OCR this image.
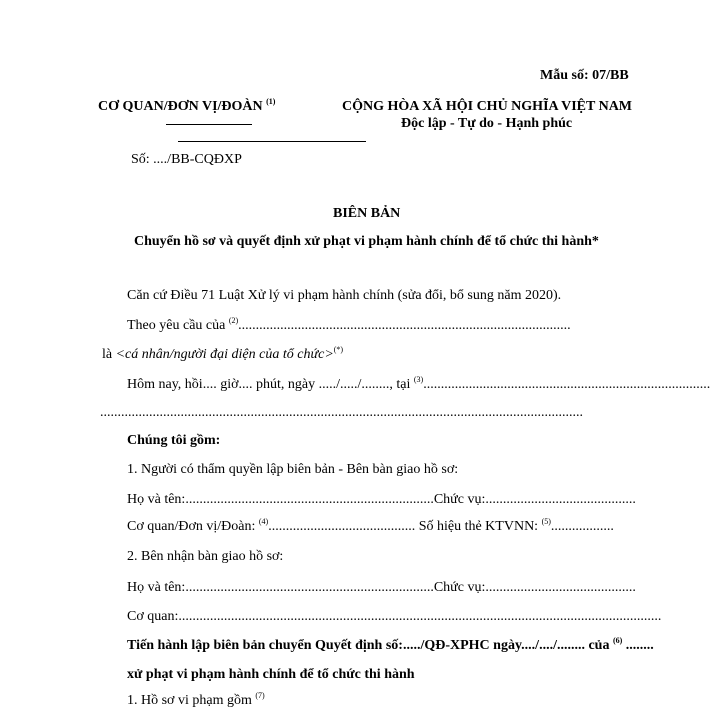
Mẫu số: 07/BB
CƠ QUAN/ĐƠN VỊ/ĐOÀN $^{(1)}$	CỘNG HÒA XÃ HỘI CHỦ NGHĨA VIỆT NAM
Độc lập - Tự do - Hạnh phúc
Số: ..../BB-CQĐXP
BIÊN BẢN
Chuyển hồ sơ và quyết định xử phạt vi phạm hành chính để tổ chức thi hành*
Căn cứ Điều 71 Luật Xử lý vi phạm hành chính (sửa đổi, bổ sung năm 2020).
Theo yêu cầu của $^{(2)}$...............................................................................................
là <cá nhân/người đại diện của tổ chức>(*)
Hôm nay, hồi.... giờ.... phút, ngày ...../...../........, tại $^{(3)}$..................................................................................
..........................................................................................................................................
Chúng tôi gồm:
1. Người có thẩm quyền lập biên bản - Bên bàn giao hồ sơ:
Họ và tên:.......................................................................Chức vụ:...........................................
Cơ quan/Đơn vị/Đoàn: $^{(4)}$.......................................... Số hiệu thẻ KTVNN: $^{(5)}$..................
2. Bên nhận bàn giao hồ sơ:
Họ và tên:.......................................................................Chức vụ:...........................................
Cơ quan:..........................................................................................................................................
Tiến hành lập biên bản chuyển Quyết định số:...../QĐ-XPHC ngày..../..../........ của $^{(6)}$ ........
xử phạt vi phạm hành chính để tổ chức thi hành
1. Hồ sơ vi phạm gồm $^{(7)}$
